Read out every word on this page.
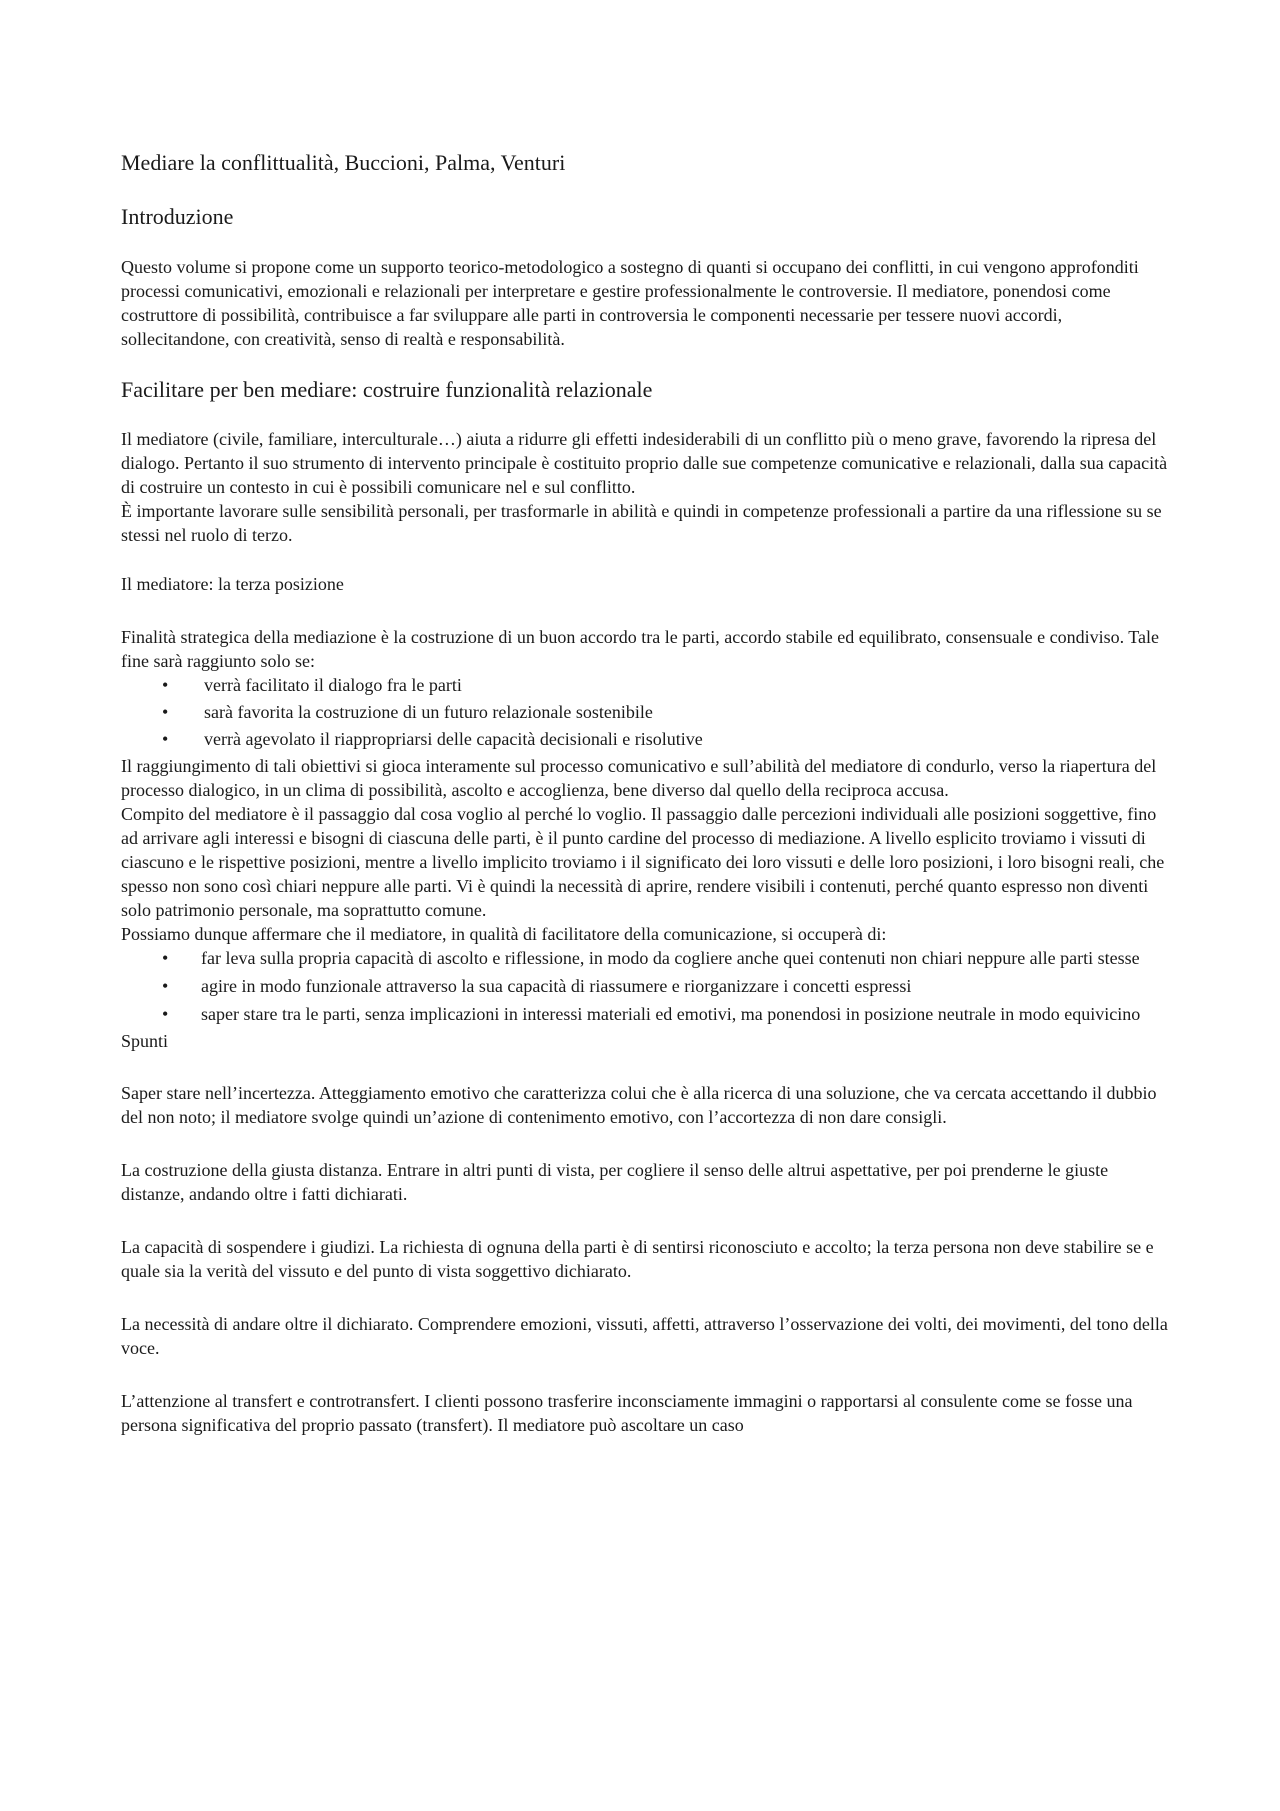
Mediare la conflittualità, Buccioni, Palma, Venturi
Introduzione

Questo volume si propone come un supporto teorico-metodologico a sostegno di quanti si occupano dei conflitti, in cui vengono approfonditi processi comunicativi, emozionali e relazionali per interpretare e gestire professionalmente le controversie. Il mediatore, ponendosi come costruttore di possibilità, contribuisce a far sviluppare alle parti in controversia le componenti necessarie per tessere nuovi accordi, sollecitandone, con creatività, senso di realtà e responsabilità.

Facilitare per ben mediare: costruire funzionalità relazionale

Il mediatore (civile, familiare, interculturale…) aiuta a ridurre gli effetti indesiderabili di un conflitto più o meno grave, favorendo la ripresa del dialogo. Pertanto il suo strumento di intervento principale è costituito proprio dalle sue competenze comunicative e relazionali, dalla sua capacità di costruire un contesto in cui è possibili comunicare nel e sul conflitto.

È importante lavorare sulle sensibilità personali, per trasformarle in abilità e quindi in competenze professionali a partire da una riflessione su se stessi nel ruolo di terzo.

Il mediatore: la terza posizione

Finalità strategica della mediazione è la costruzione di un buon accordo tra le parti, accordo stabile ed equilibrato, consensuale e condiviso. Tale fine sarà raggiunto solo se:

•	verrà facilitato il dialogo fra le parti
•	sarà favorita la costruzione di un futuro relazionale sostenibile
•	verrà agevolato il riappropriarsi delle capacità decisionali e risolutive

Il raggiungimento di tali obiettivi si gioca interamente sul processo comunicativo e sull’abilità del mediatore di condurlo, verso la riapertura del processo dialogico, in un clima di possibilità, ascolto e accoglienza, bene diverso dal quello della reciproca accusa.

Compito del mediatore è il passaggio dal cosa voglio al perché lo voglio. Il passaggio dalle percezioni individuali alle posizioni soggettive, fino ad arrivare agli interessi e bisogni di ciascuna delle parti, è il punto cardine del processo di mediazione. A livello esplicito troviamo i vissuti di ciascuno e le rispettive posizioni, mentre a livello implicito troviamo i il significato dei loro vissuti e delle loro posizioni, i loro bisogni reali, che spesso non sono così chiari neppure alle parti. Vi è quindi la necessità di aprire, rendere visibili i contenuti, perché quanto espresso non diventi solo patrimonio personale, ma soprattutto comune.

Possiamo dunque affermare che il mediatore, in qualità di facilitatore della comunicazione, si occuperà di:

•	far leva sulla propria capacità di ascolto e riflessione, in modo da cogliere anche quei contenuti non chiari neppure alle parti stesse
•	agire in modo funzionale attraverso la sua capacità di riassumere e riorganizzare i concetti espressi
•	saper stare tra le parti, senza implicazioni in interessi materiali ed emotivi, ma ponendosi in posizione neutrale in modo equivicino
Spunti

Saper stare nell’incertezza. Atteggiamento emotivo che caratterizza colui che è alla ricerca di una soluzione, che va cercata accettando il dubbio del non noto; il mediatore svolge quindi un’azione di contenimento emotivo, con l’accortezza di non dare consigli.

La costruzione della giusta distanza. Entrare in altri punti di vista, per cogliere il senso delle altrui aspettative, per poi prenderne le giuste distanze, andando oltre i fatti dichiarati.

La capacità di sospendere i giudizi. La richiesta di ognuna della parti è di sentirsi riconosciuto e accolto; la terza persona non deve stabilire se e quale sia la verità del vissuto e del punto di vista soggettivo dichiarato.

La necessità di andare oltre il dichiarato. Comprendere emozioni, vissuti, affetti, attraverso l’osservazione dei volti, dei movimenti, del tono della voce.

L’attenzione al transfert e controtransfert. I clienti possono trasferire inconsciamente immagini o rapportarsi al consulente come se fosse una persona significativa del proprio passato (transfert). Il mediatore può ascoltare un caso
